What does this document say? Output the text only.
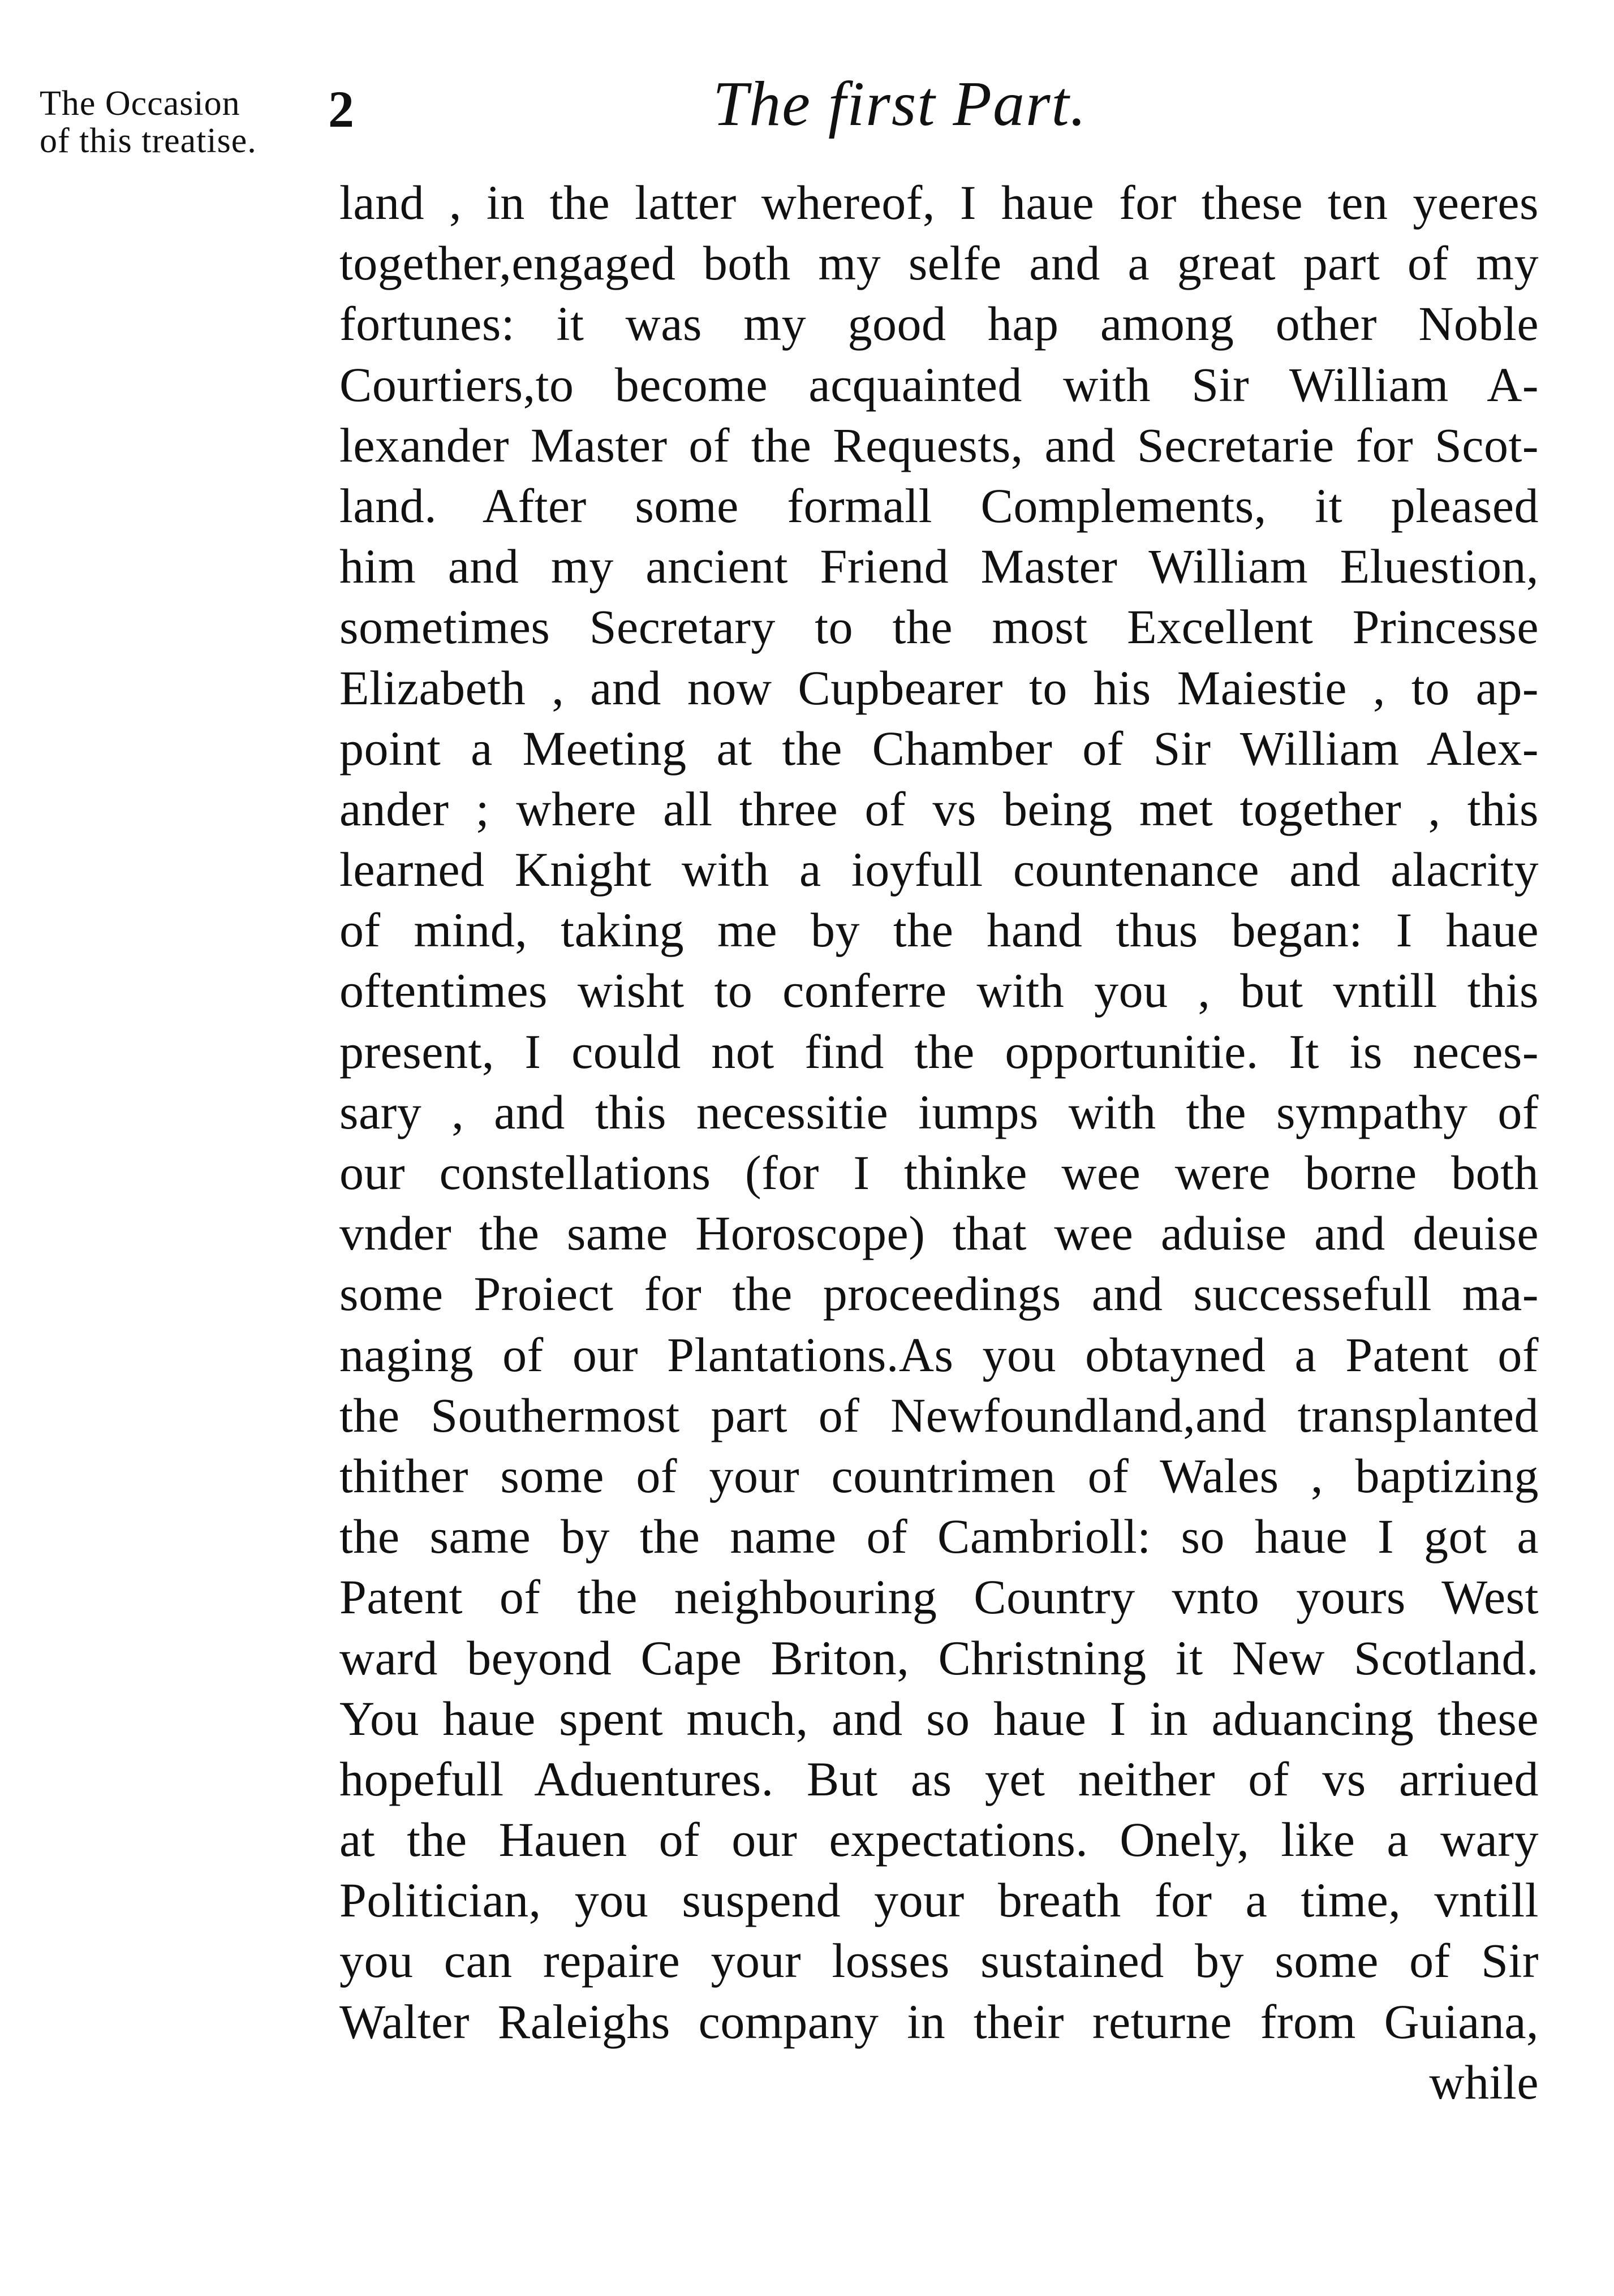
The Occasion
of this treatise.
2	The first Part.
land , in the latter whereof, I haue for these ten yeeres
together,engaged both my selfe and a great part of my
fortunes: it was my good hap among other Noble
Courtiers,to become acquainted with Sir William A-
lexander Master of the Requests, and Secretarie for Scot-
land. After some formall Complements, it pleased
him and my ancient Friend Master William Eluestion,
sometimes Secretary to the most Excellent Princesse
Elizabeth , and now Cupbearer to his Maiestie , to ap-
point a Meeting at the Chamber of Sir William Alex-
ander ; where all three of vs being met together , this
learned Knight with a ioyfull countenance and alacrity
of mind, taking me by the hand thus began: I haue
oftentimes wisht to conferre with you , but vntill this
present, I could not find the opportunitie. It is neces-
sary , and this necessitie iumps with the sympathy of
our constellations (for I thinke wee were borne both
vnder the same Horoscope) that wee aduise and deuise
some Proiect for the proceedings and successefull ma-
naging of our Plantations.As you obtayned a Patent of
the Southermost part of Newfoundland,and transplanted
thither some of your countrimen of Wales , baptizing
the same by the name of Cambrioll: so haue I got a
Patent of the neighbouring Country vnto yours West
ward beyond Cape Briton, Christning it New Scotland.
You haue spent much, and so haue I in aduancing these
hopefull Aduentures. But as yet neither of vs arriued
at the Hauen of our expectations. Onely, like a wary
Politician, you suspend your breath for a time, vntill
you can repaire your losses sustained by some of Sir
Walter Raleighs company in their returne from Guiana,
while
